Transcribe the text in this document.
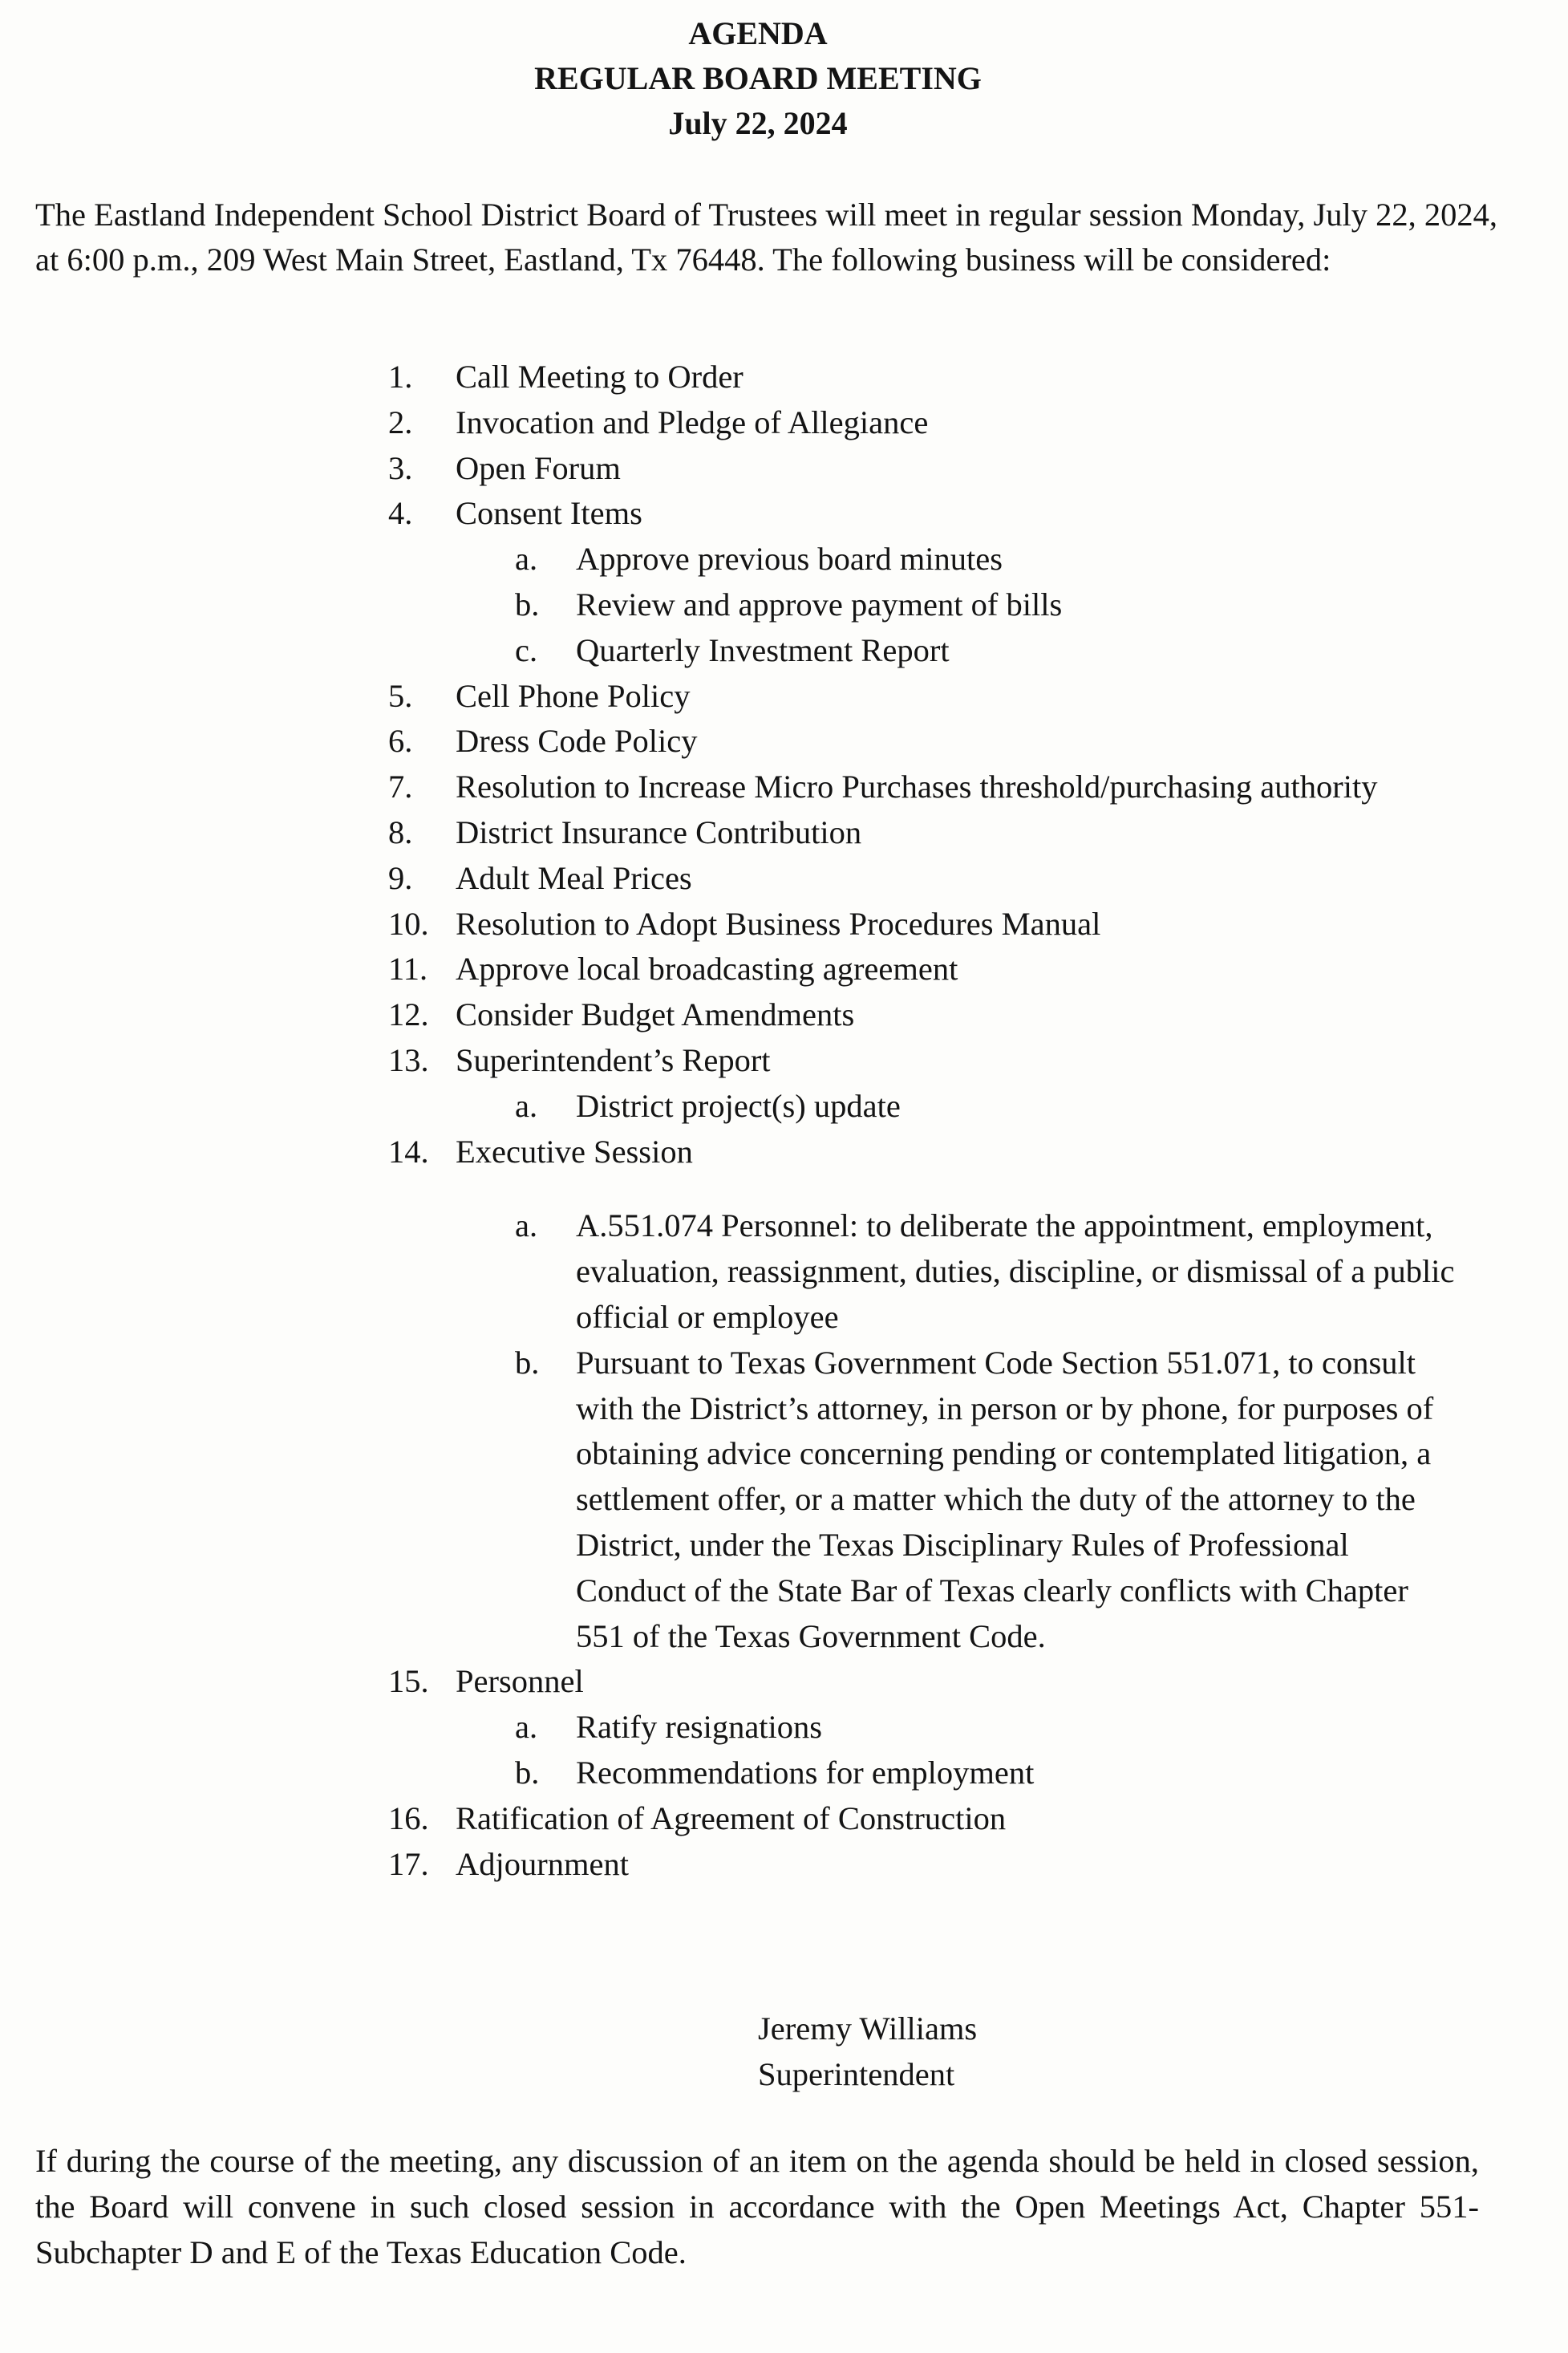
AGENDA
REGULAR BOARD MEETING
July 22, 2024
The Eastland Independent School District Board of Trustees will meet in regular session Monday, July 22, 2024, at 6:00 p.m., 209 West Main Street, Eastland, Tx 76448. The following business will be considered:
1.	Call Meeting to Order
2.	Invocation and Pledge of Allegiance
3.	Open Forum
4.	Consent Items
a.	Approve previous board minutes
b.	Review and approve payment of bills
c.	Quarterly Investment Report
5.	Cell Phone Policy
6.	Dress Code Policy
7.	Resolution to Increase Micro Purchases threshold/purchasing authority
8.	District Insurance Contribution
9.	Adult Meal Prices
10. Resolution to Adopt Business Procedures Manual
11. Approve local broadcasting agreement
12. Consider Budget Amendments
13. Superintendent’s Report
a.	District project(s) update
14. Executive Session
a.	A.551.074 Personnel: to deliberate the appointment, employment, evaluation, reassignment, duties, discipline, or dismissal of a public official or employee
b.	Pursuant to Texas Government Code Section 551.071, to consult with the District’s attorney, in person or by phone, for purposes of obtaining advice concerning pending or contemplated litigation, a settlement offer, or a matter which the duty of the attorney to the District, under the Texas Disciplinary Rules of Professional Conduct of the State Bar of Texas clearly conflicts with Chapter 551 of the Texas Government Code.
15. Personnel
a.	Ratify resignations
b.	Recommendations for employment
16. Ratification of Agreement of Construction
17. Adjournment
Jeremy Williams
Superintendent
If during the course of the meeting, any discussion of an item on the agenda should be held in closed session, the Board will convene in such closed session in accordance with the Open Meetings Act, Chapter 551-Subchapter D and E of the Texas Education Code.
